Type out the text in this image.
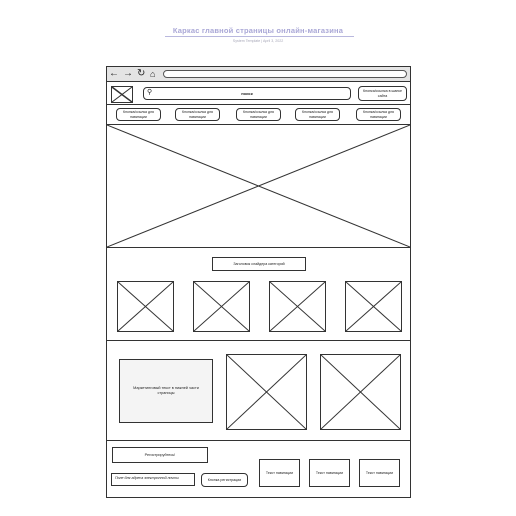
Каркас главной страницы онлайн-магазина
System Template | April 3, 2022
← → ↻ ⌂
⚲	поиск	Кнопка/ссылка в шапке сайта
Кнопка/ссылка для навигации
Кнопка/ссылка для навигации
Кнопка/ссылка для навигации
Кнопка/ссылка для навигации
Кнопка/ссылка для навигации
Заголовок слайдера категорий
Маркетинговый текст в нижней части страницы
Регистрируйтесь!
Поле для адреса электронной почты	Кнопка регистрации
Текст навигации	Текст навигации	Текст навигации
